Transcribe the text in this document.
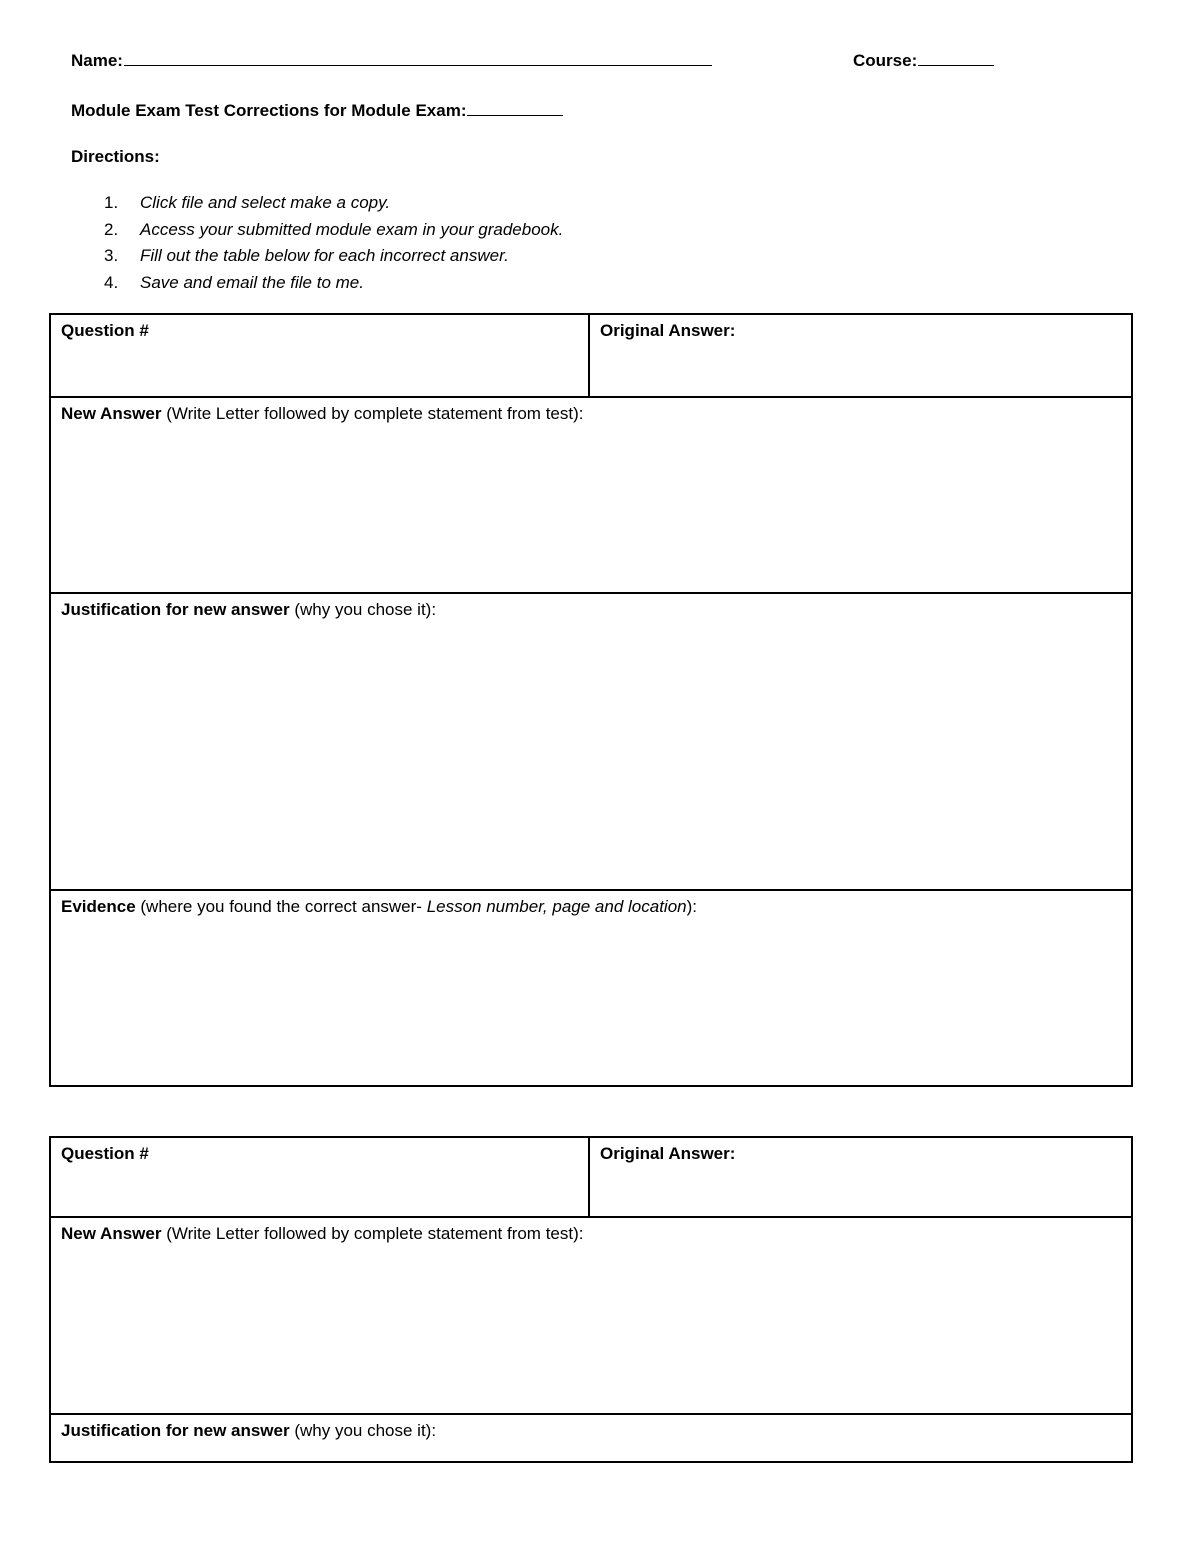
Name:	Course:
Module Exam Test Corrections for Module Exam:
Directions:
1. Click file and select make a copy.
2. Access your submitted module exam in your gradebook.
3. Fill out the table below for each incorrect answer.
4. Save and email the file to me.
Question #	Original Answer:
New Answer (Write Letter followed by complete statement from test):
Justification for new answer (why you chose it):
Evidence (where you found the correct answer- Lesson number, page and location):
Question #	Original Answer:
New Answer (Write Letter followed by complete statement from test):
Justification for new answer (why you chose it):
